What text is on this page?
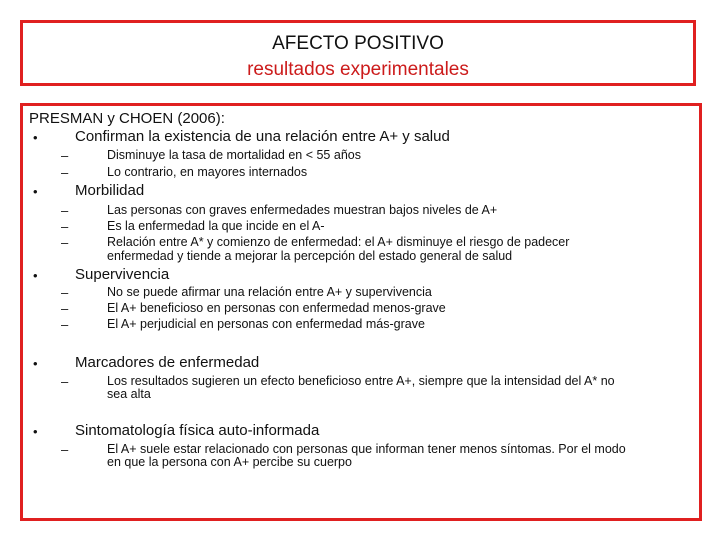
AFECTO POSITIVO
resultados experimentales
PRESMAN y CHOEN (2006):
• Confirman la existencia de una relación entre A+ y salud
–	Disminuye la tasa de mortalidad en < 55 años
–	Lo contrario, en mayores internados
• Morbilidad
–	Las personas con graves enfermedades muestran bajos niveles de A+
–	Es la enfermedad la que incide en el A-
–	Relación entre A* y comienzo de enfermedad: el A+ disminuye el riesgo de padecer
enfermedad y tiende a mejorar la percepción del estado general de salud
• Supervivencia
–	No se puede afirmar una relación entre A+ y supervivencia
–	El A+ beneficioso en personas con enfermedad menos-grave
–	El A+ perjudicial en personas con enfermedad más-grave
• Marcadores de enfermedad
–	Los resultados sugieren un efecto beneficioso entre A+, siempre que la intensidad del A* no
sea alta
• Sintomatología física auto-informada
–	El A+ suele estar relacionado con personas que informan tener menos síntomas. Por el modo
en que la persona con A+ percibe su cuerpo
